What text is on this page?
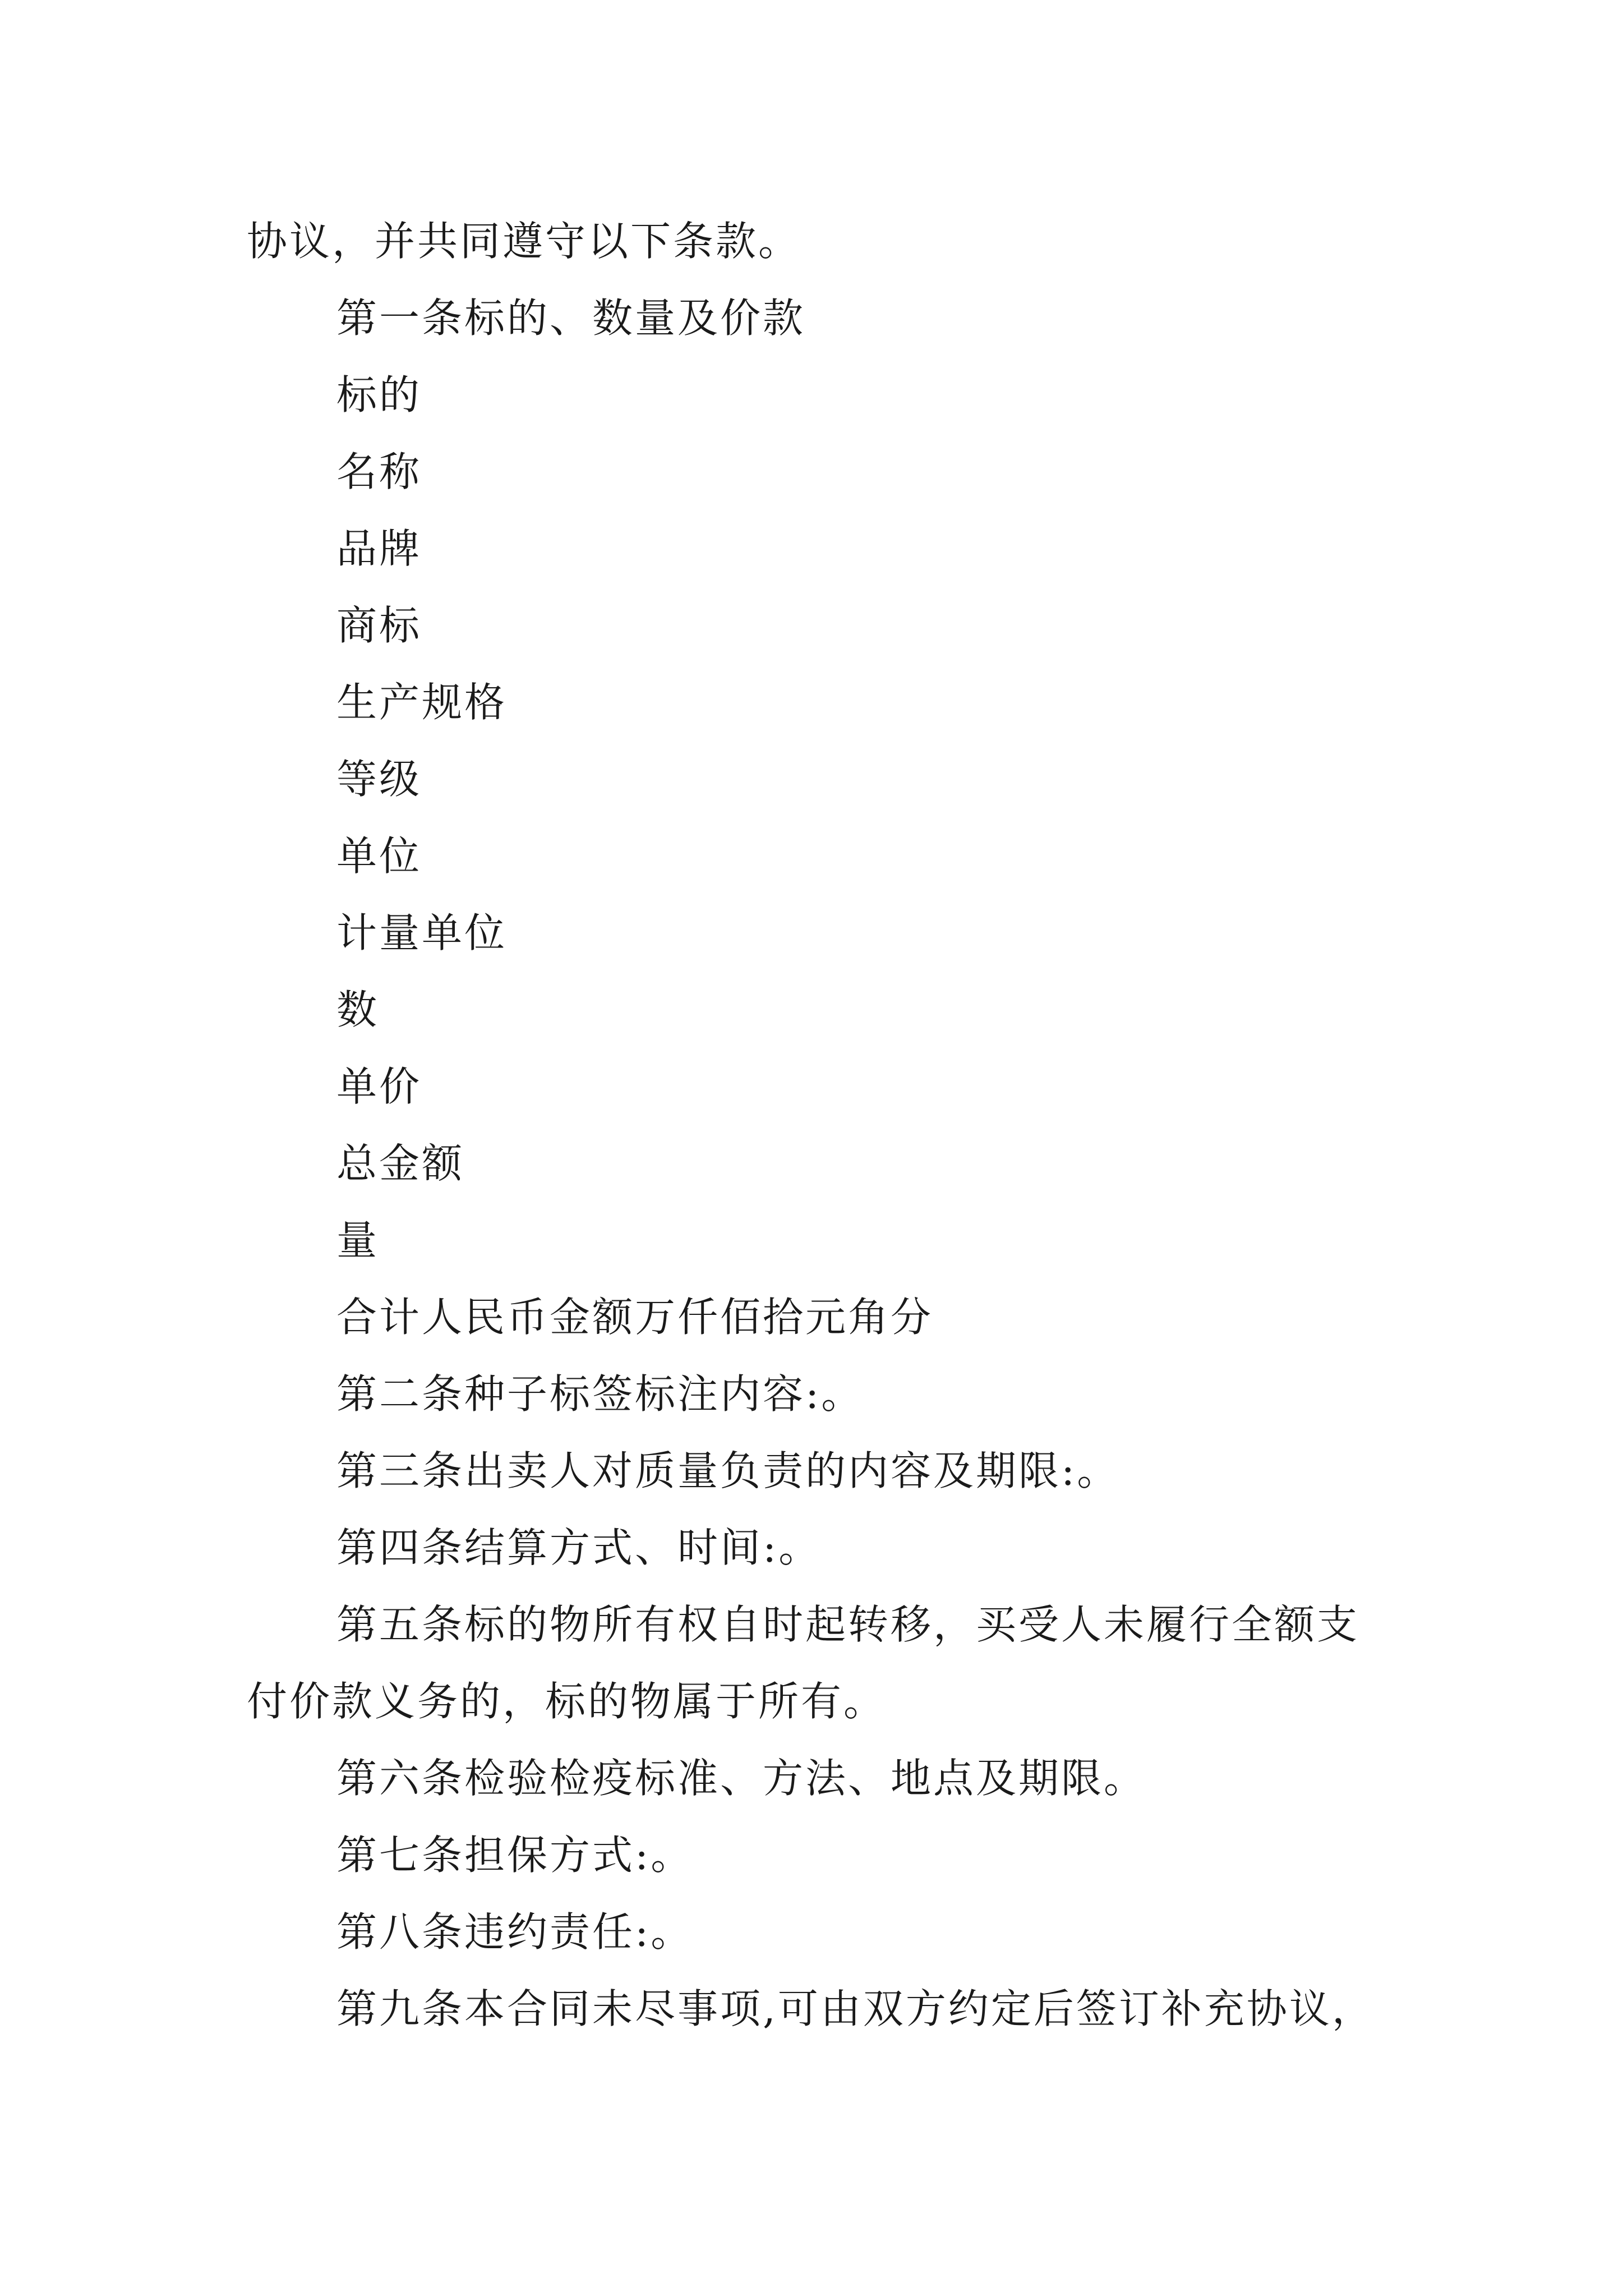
协议，并共同遵守以下条款。
第一条标的、数量及价款
标的
名称
品牌
商标
生产规格
等级
单位
计量单位
数
单价
总金额
量
合计人民币金额万仟佰拾元角分
第二条种子标签标注内容:。
第三条出卖人对质量负责的内容及期限:。
第四条结算方式、时间:。
第五条标的物所有权自时起转移，买受人未履行全额支
付价款义务的，标的物属于所有。
第六条检验检疫标准、方法、地点及期限。
第七条担保方式:。
第八条违约责任:。
第九条本合同未尽事项,可由双方约定后签订补充协议，
